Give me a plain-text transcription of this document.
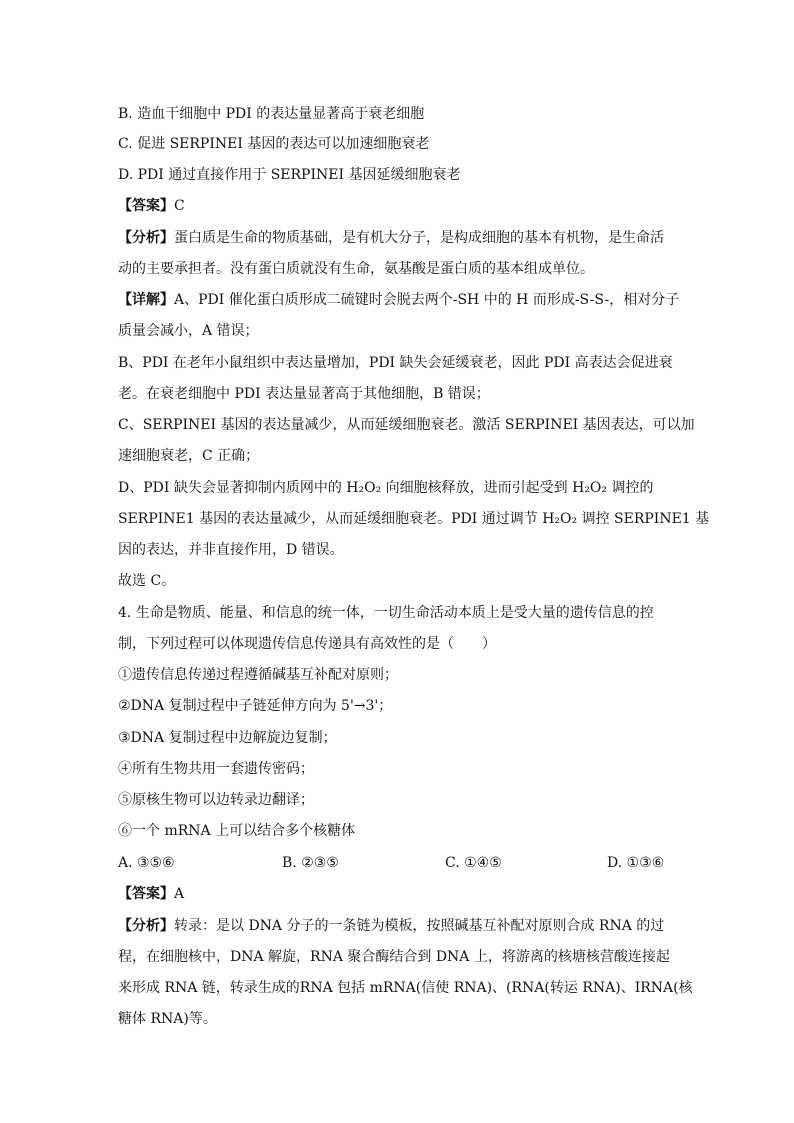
B. 造血干细胞中 PDI 的表达量显著高于衰老细胞
C. 促进 SERPINEI 基因的表达可以加速细胞衰老
D. PDI 通过直接作用于 SERPINEI 基因延缓细胞衰老
【答案】C
【分析】蛋白质是生命的物质基础，是有机大分子，是构成细胞的基本有机物，是生命活
动的主要承担者。没有蛋白质就没有生命，氨基酸是蛋白质的基本组成单位。
【详解】A、PDI 催化蛋白质形成二硫键时会脱去两个-SH 中的 H 而形成-S-S-，相对分子
质量会减小，A 错误；
B、PDI 在老年小鼠组织中表达量增加，PDI 缺失会延缓衰老，因此 PDI 高表达会促进衰
老。在衰老细胞中 PDI 表达量显著高于其他细胞，B 错误；
C、SERPINEI 基因的表达量减少，从而延缓细胞衰老。激活 SERPINEI 基因表达，可以加
速细胞衰老，C 正确；
D、PDI 缺失会显著抑制内质网中的 H₂O₂ 向细胞核释放，进而引起受到 H₂O₂ 调控的
SERPINE1 基因的表达量减少，从而延缓细胞衰老。PDI 通过调节 H₂O₂ 调控 SERPINE1 基
因的表达，并非直接作用，D 错误。
故选 C。
4. 生命是物质、能量、和信息的统一体，一切生命活动本质上是受大量的遗传信息的控
制，下列过程可以体现遗传信息传递具有高效性的是（　　）
①遗传信息传递过程遵循碱基互补配对原则；
②DNA 复制过程中子链延伸方向为 5'→3'；
③DNA 复制过程中边解旋边复制；
④所有生物共用一套遗传密码；
⑤原核生物可以边转录边翻译；
⑥一个 mRNA 上可以结合多个核糖体
A. ③⑤⑥	B. ②③⑤	C. ①④⑤	D. ①③⑥
【答案】A
【分析】转录：是以 DNA 分子的一条链为模板，按照碱基互补配对原则合成 RNA 的过
程，在细胞核中，DNA 解旋，RNA 聚合酶结合到 DNA 上，将游离的核塘核营酸连接起
来形成 RNA 链，转录生成的RNA 包括 mRNA(信使 RNA)、(RNA(转运 RNA)、IRNA(核
糖体 RNA)等。
